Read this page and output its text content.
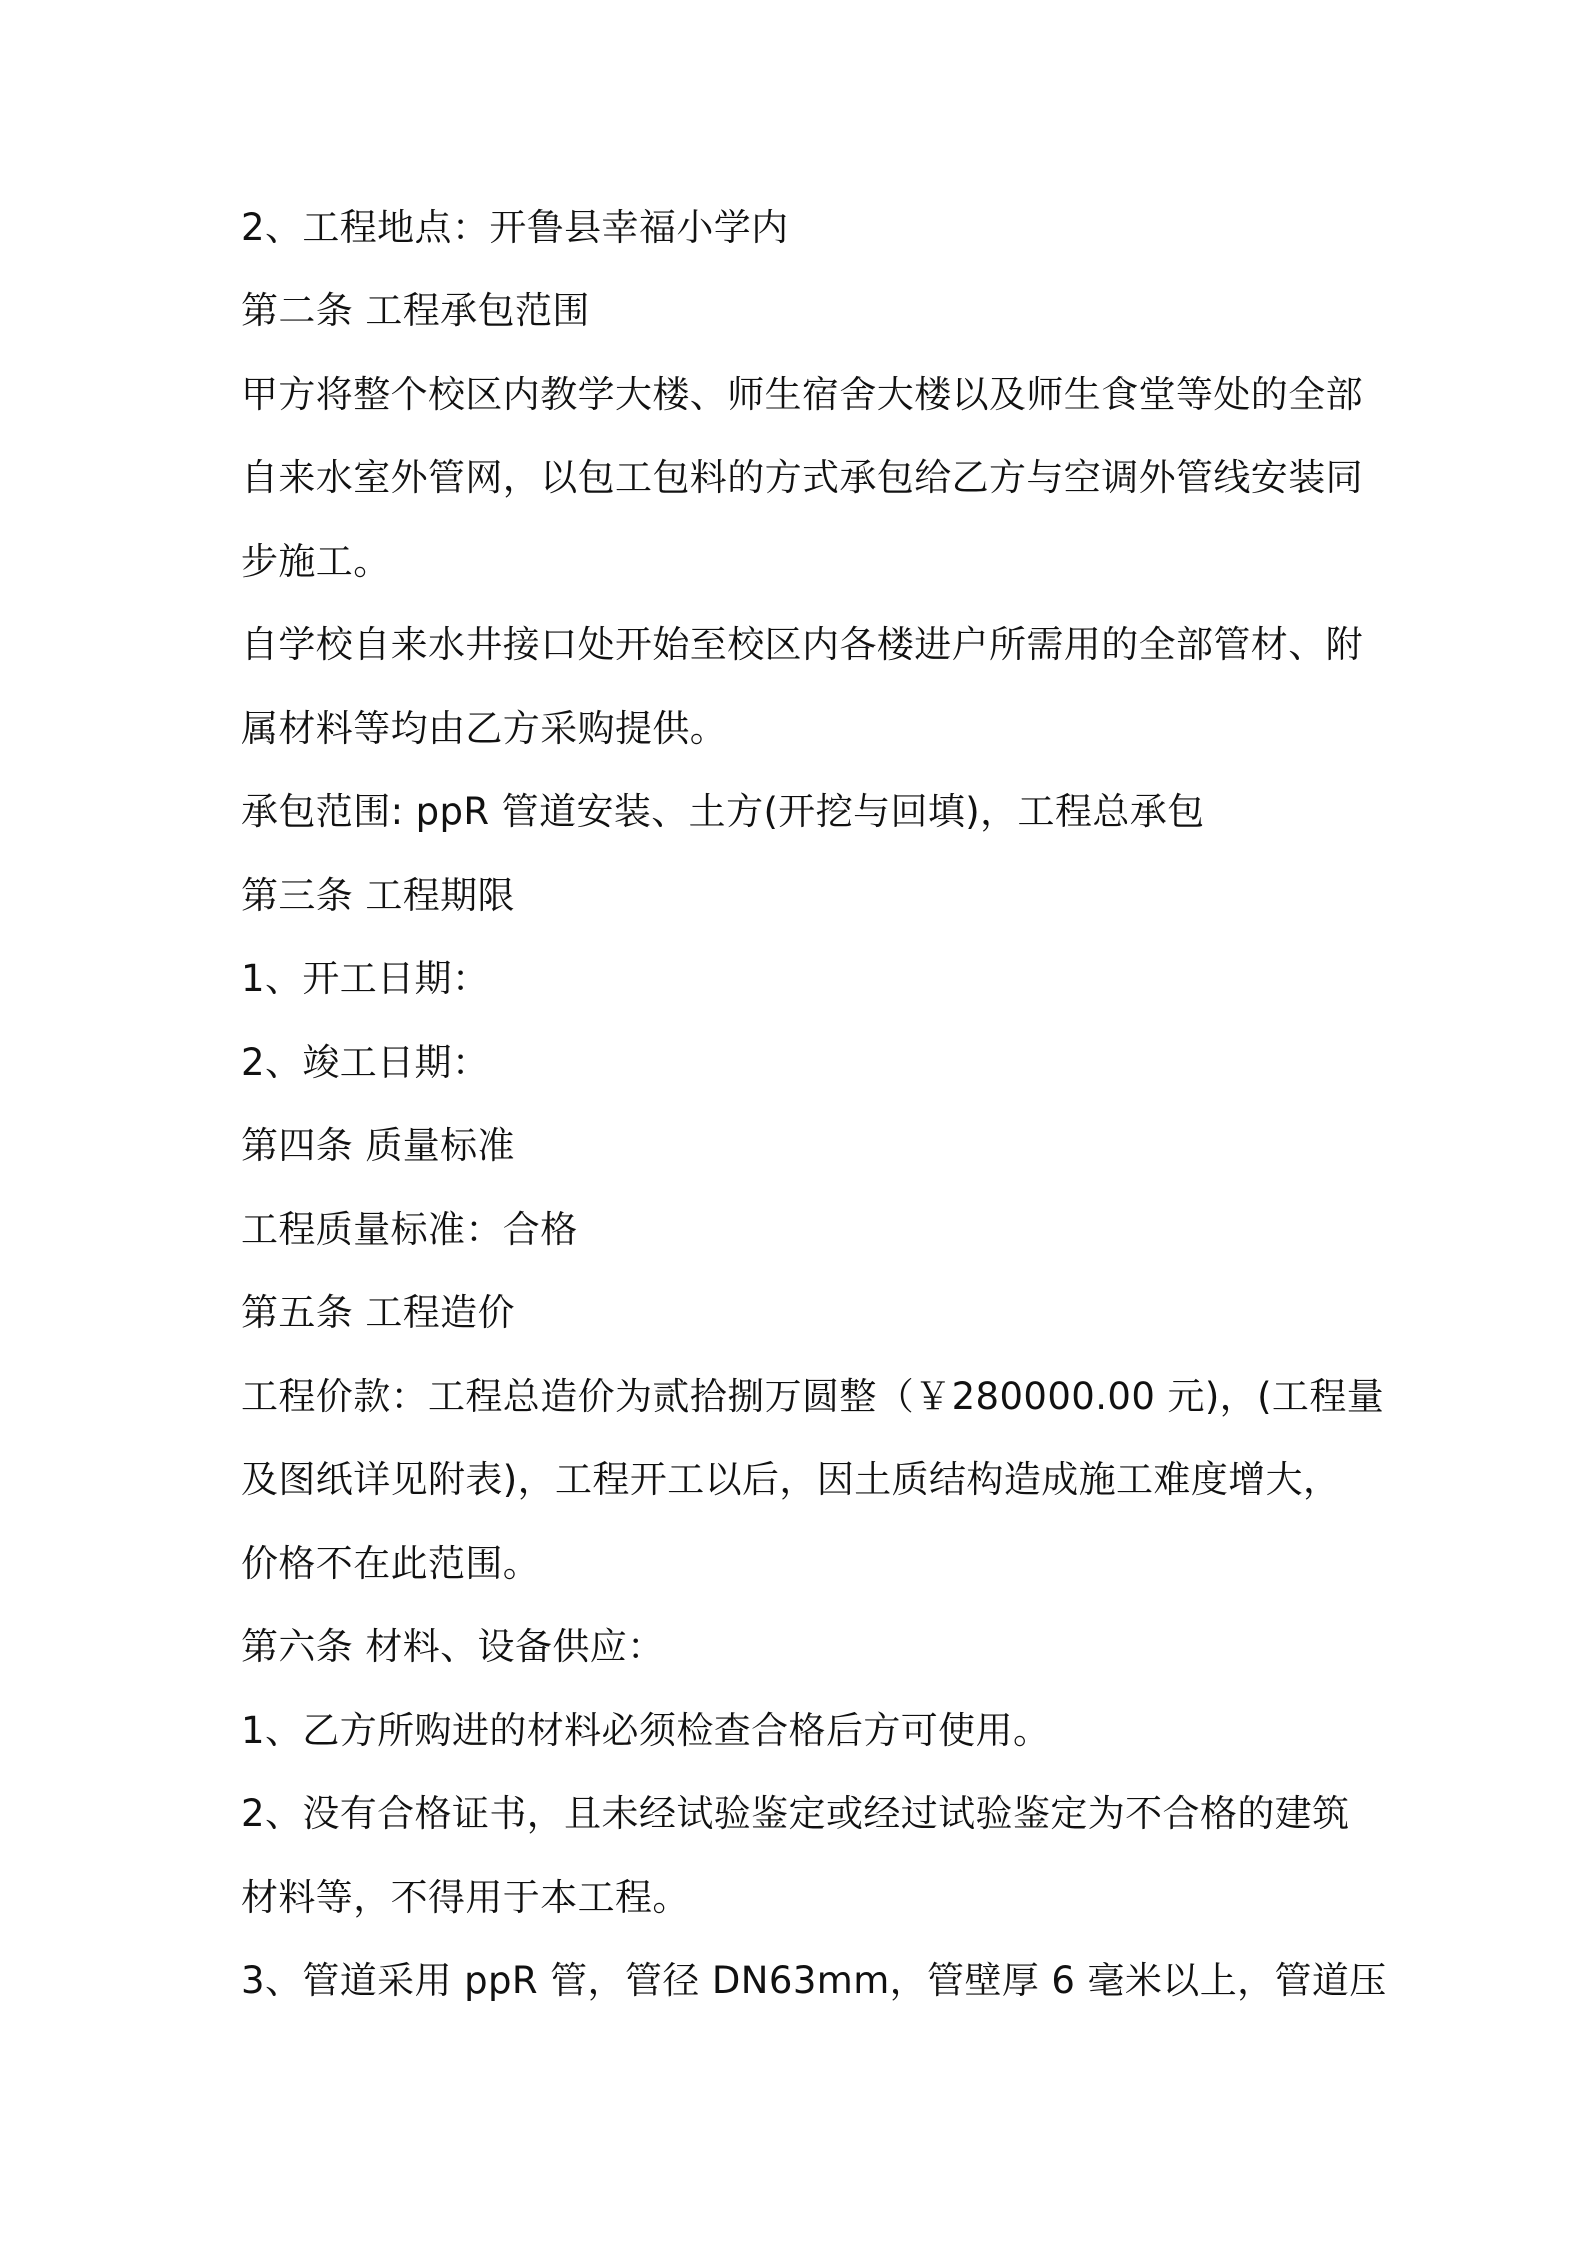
2、工程地点：开鲁县幸福小学内
第二条 工程承包范围
甲方将整个校区内教学大楼、师生宿舍大楼以及师生食堂等处的全部
自来水室外管网，以包工包料的方式承包给乙方与空调外管线安装同
步施工。
自学校自来水井接口处开始至校区内各楼进户所需用的全部管材、附
属材料等均由乙方采购提供。
承包范围: ppR 管道安装、土方(开挖与回填)，工程总承包
第三条 工程期限
1、开工日期：
2、竣工日期：
第四条 质量标准
工程质量标准：合格
第五条 工程造价
工程价款：工程总造价为贰拾捌万圆整（￥280000.00 元)，(工程量
及图纸详见附表)，工程开工以后，因土质结构造成施工难度增大，
价格不在此范围。
第六条 材料、设备供应：
1、乙方所购进的材料必须检查合格后方可使用。
2、没有合格证书，且未经试验鉴定或经过试验鉴定为不合格的建筑
材料等，不得用于本工程。
3、管道采用 ppR 管，管径 DN63mm，管壁厚 6 毫米以上，管道压
